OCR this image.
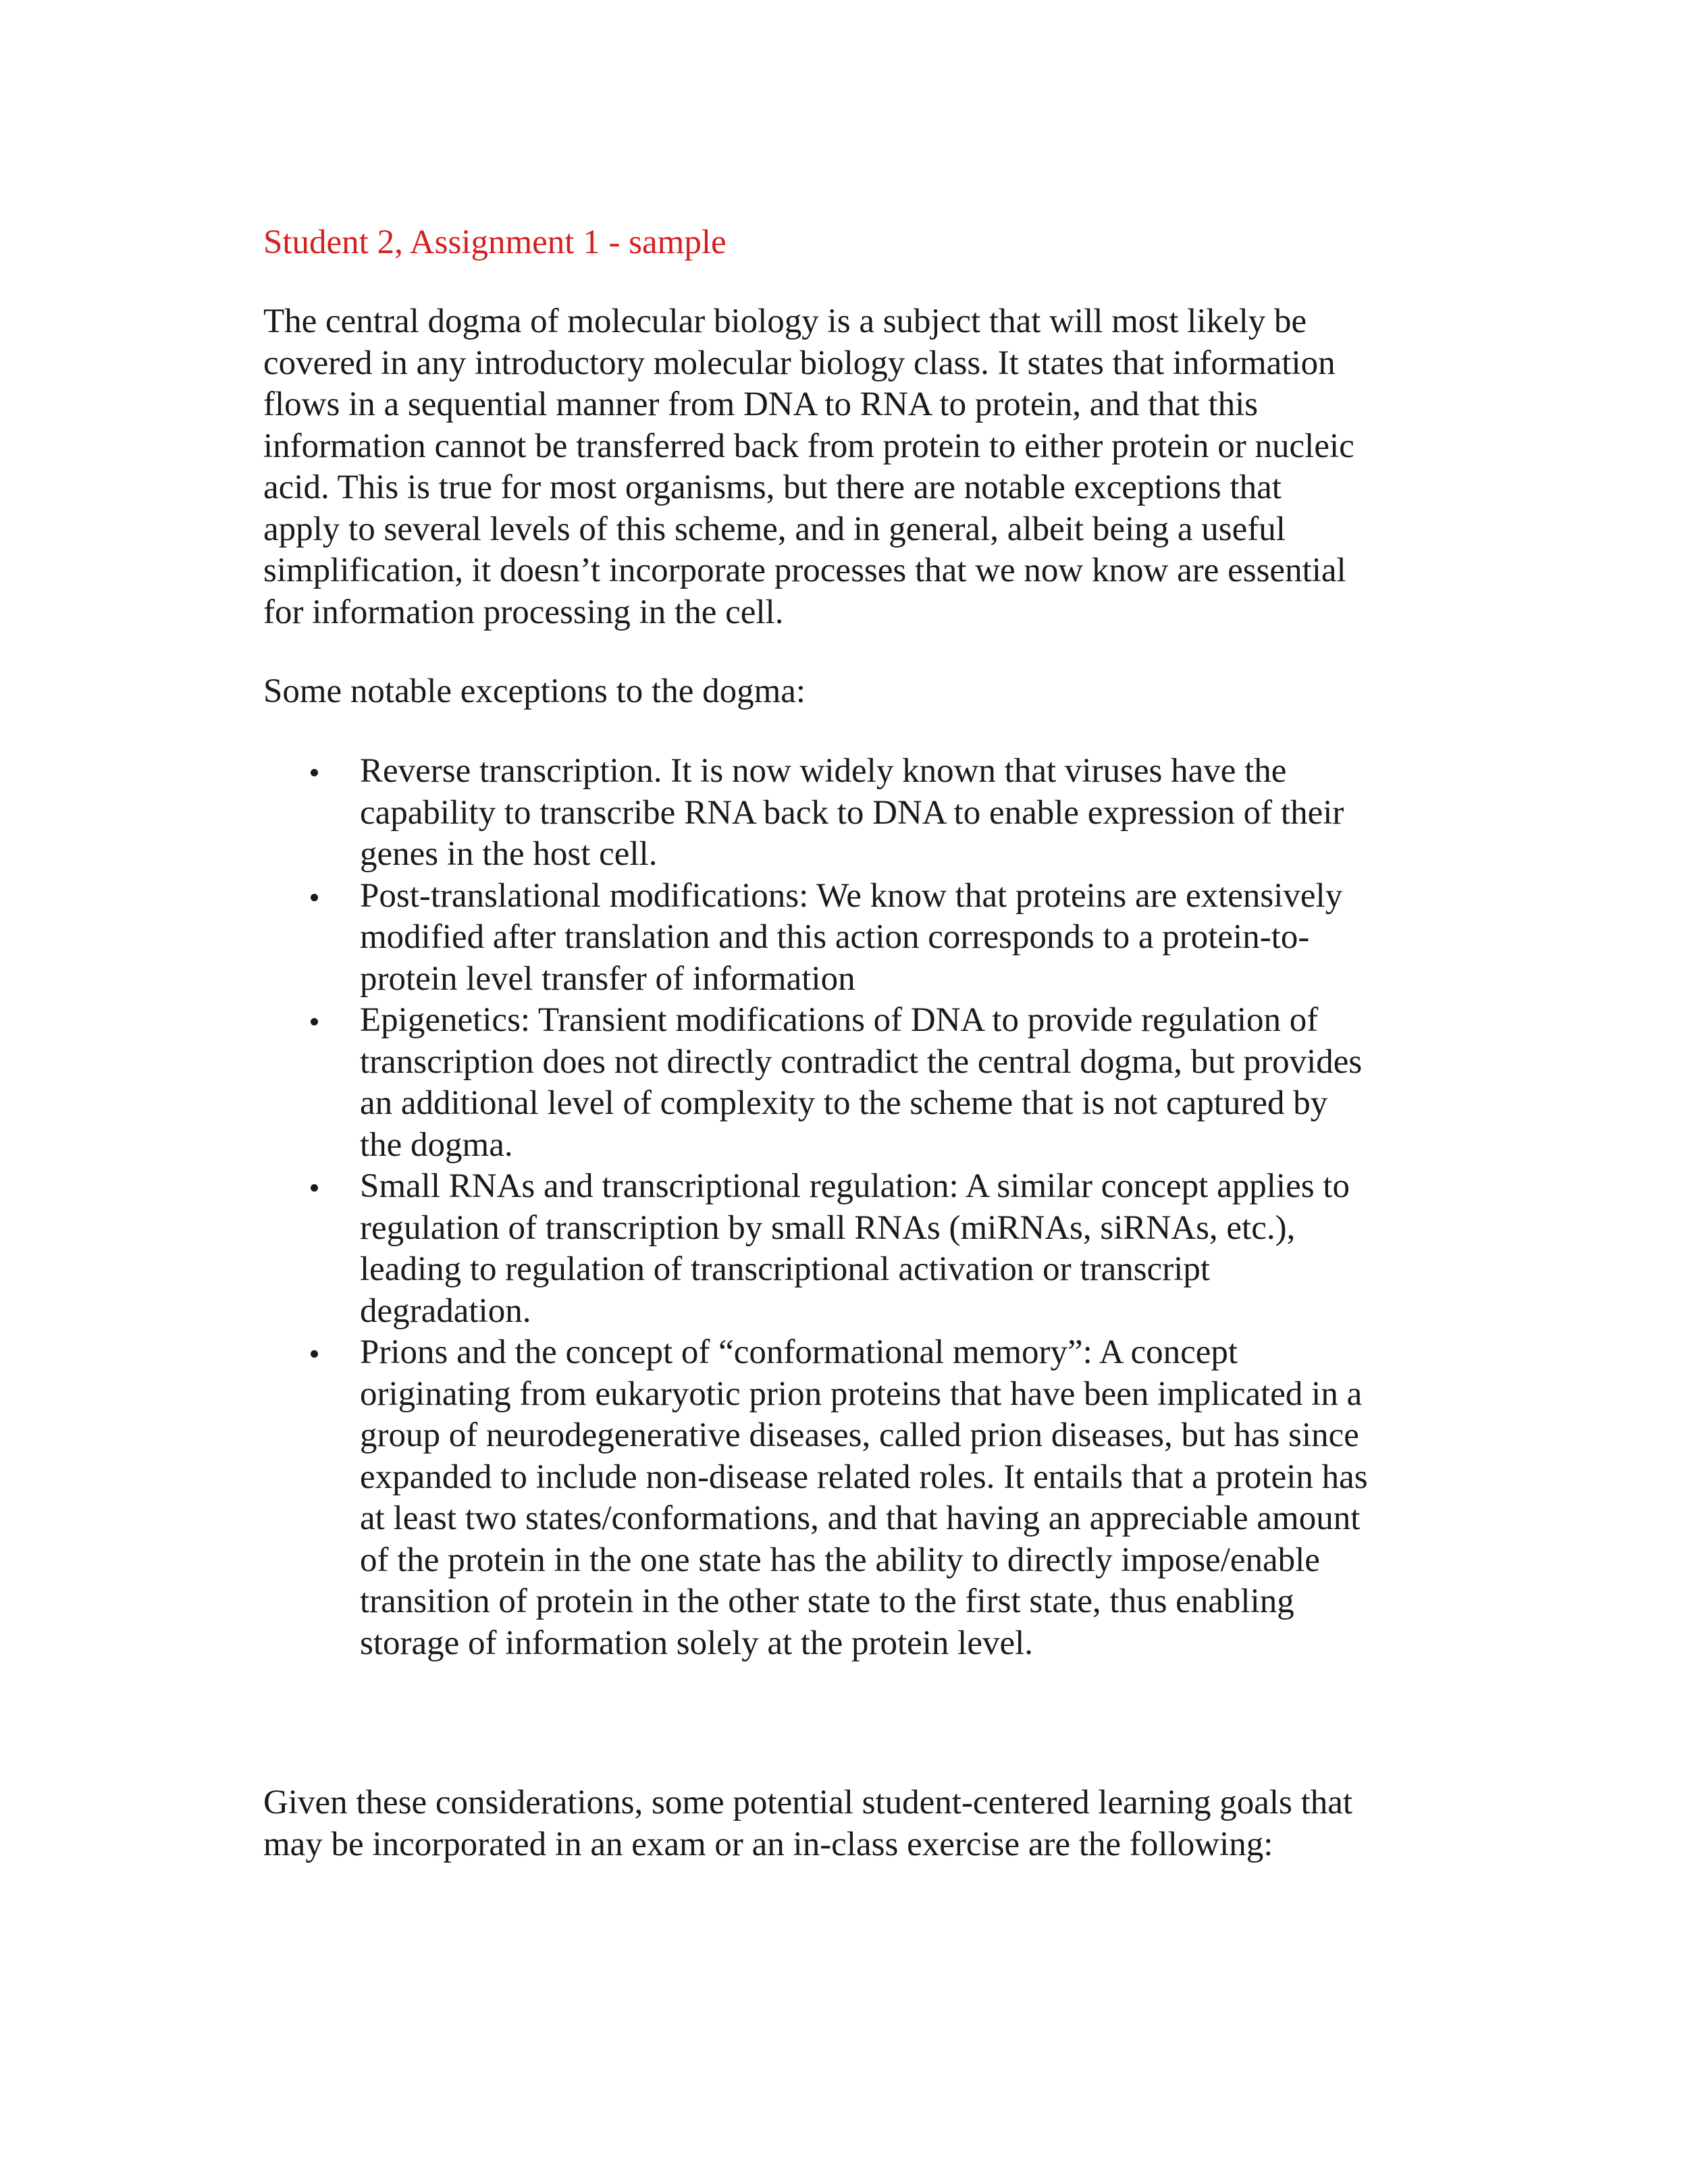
Student 2, Assignment 1 - sample

The central dogma of molecular biology is a subject that will most likely be
covered in any introductory molecular biology class. It states that information
flows in a sequential manner from DNA to RNA to protein, and that this
information cannot be transferred back from protein to either protein or nucleic
acid. This is true for most organisms, but there are notable exceptions that
apply to several levels of this scheme, and in general, albeit being a useful
simplification, it doesn’t incorporate processes that we now know are essential
for information processing in the cell.

Some notable exceptions to the dogma:

Reverse transcription. It is now widely known that viruses have the
capability to transcribe RNA back to DNA to enable expression of their
genes in the host cell.
Post-translational modifications: We know that proteins are extensively
modified after translation and this action corresponds to a protein-to-
protein level transfer of information
Epigenetics: Transient modifications of DNA to provide regulation of
transcription does not directly contradict the central dogma, but provides
an additional level of complexity to the scheme that is not captured by
the dogma.
Small RNAs and transcriptional regulation: A similar concept applies to
regulation of transcription by small RNAs (miRNAs, siRNAs, etc.),
leading to regulation of transcriptional activation or transcript
degradation.
Prions and the concept of “conformational memory”: A concept
originating from eukaryotic prion proteins that have been implicated in a
group of neurodegenerative diseases, called prion diseases, but has since
expanded to include non-disease related roles. It entails that a protein has
at least two states/conformations, and that having an appreciable amount
of the protein in the one state has the ability to directly impose/enable
transition of protein in the other state to the first state, thus enabling
storage of information solely at the protein level.

Given these considerations, some potential student-centered learning goals that
may be incorporated in an exam or an in-class exercise are the following:
